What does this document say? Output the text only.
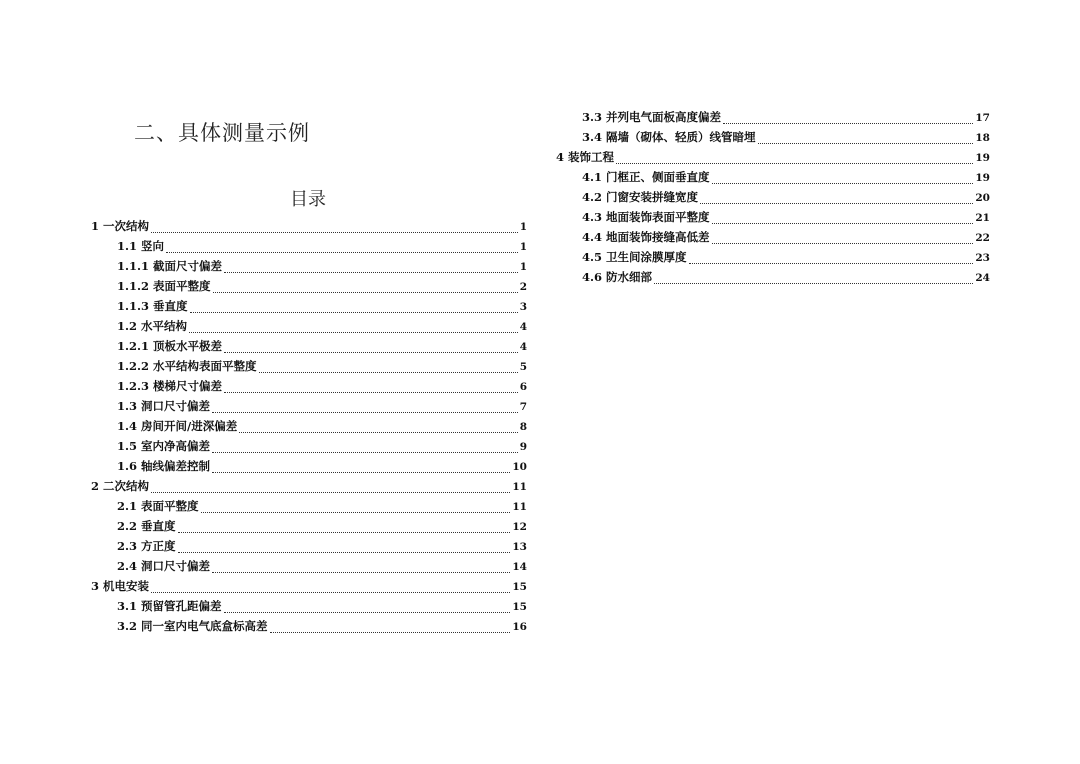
二、具体测量示例
目录
1 一次结构	1
1.1 竖向	1
1.1.1 截面尺寸偏差	1
1.1.2 表面平整度	2
1.1.3 垂直度	3
1.2 水平结构	4
1.2.1 顶板水平极差	4
1.2.2 水平结构表面平整度	5
1.2.3 楼梯尺寸偏差	6
1.3 洞口尺寸偏差	7
1.4 房间开间/进深偏差	8
1.5 室内净高偏差	9
1.6 轴线偏差控制	10
2 二次结构	11
2.1 表面平整度	11
2.2 垂直度	12
2.3 方正度	13
2.4 洞口尺寸偏差	14
3 机电安装	15
3.1 预留管孔距偏差	15
3.2 同一室内电气底盒标高差	16
3.3 并列电气面板高度偏差	17
3.4 隔墙（砌体、轻质）线管暗埋	18
4 装饰工程	19
4.1 门框正、侧面垂直度	19
4.2 门窗安装拼缝宽度	20
4.3 地面装饰表面平整度	21
4.4 地面装饰接缝高低差	22
4.5 卫生间涂膜厚度	23
4.6 防水细部	24
